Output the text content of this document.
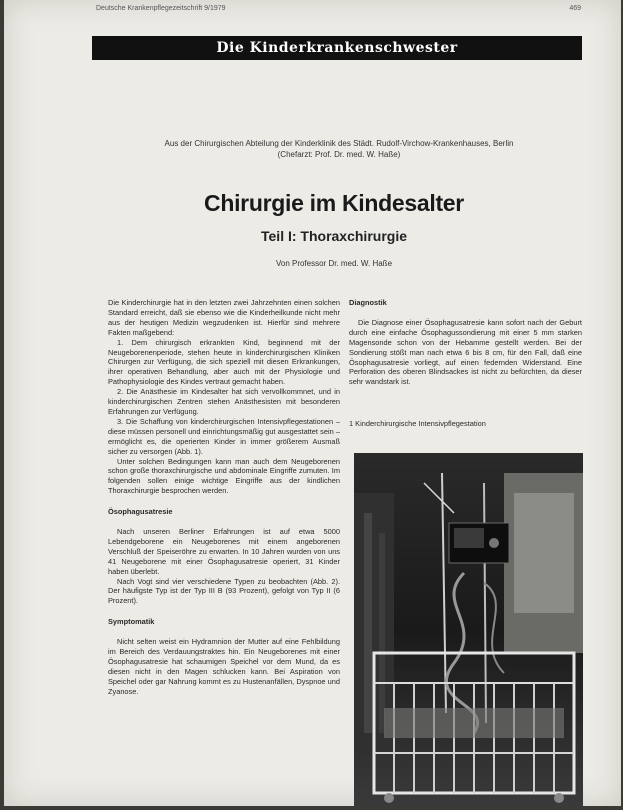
Deutsche Krankenpflegezeitschrift 9/1979	469
Die Kinderkrankenschwester
Aus der Chirurgischen Abteilung der Kinderklinik des Städt. Rudolf-Virchow-Krankenhauses, Berlin
(Chefarzt: Prof. Dr. med. W. Haße)
Chirurgie im Kindesalter
Teil I: Thoraxchirurgie
Von Professor Dr. med. W. Haße

Die Kinderchirurgie hat in den letzten zwei Jahrzehnten einen solchen Standard erreicht, daß sie ebenso wie die Kinderheilkunde nicht mehr aus der heutigen Medizin wegzudenken ist. Hierfür sind mehrere Fakten maßgebend:

1. Dem chirurgisch erkrankten Kind, beginnend mit der Neugeborenenperiode, stehen heute in kinderchirurgischen Kliniken Chirurgen zur Verfügung, die sich speziell mit diesen Erkrankungen, ihrer operativen Behandlung, aber auch mit der Physiologie und Pathophysiologie des Kindes vertraut gemacht haben.

2. Die Anästhesie im Kindesalter hat sich vervollkommnet, und in kinderchirurgischen Zentren stehen Anästhesisten mit besonderen Erfahrungen zur Verfügung.

3. Die Schaffung von kinderchirurgischen Intensivpflegestationen – diese müssen personell und einrichtungsmäßig gut ausgestattet sein – ermöglicht es, die operierten Kinder in immer größerem Ausmaß sicher zu versorgen (Abb. 1).

Unter solchen Bedingungen kann man auch dem Neugeborenen schon große thoraxchirurgische und abdominale Eingriffe zumuten. Im folgenden sollen einige wichtige Eingriffe aus der kindlichen Thoraxchirurgie besprochen werden.

Ösophagusatresie

Nach unseren Berliner Erfahrungen ist auf etwa 5000 Lebendgeborene ein Neugeborenes mit einem angeborenen Verschluß der Speiseröhre zu erwarten. In 10 Jahren wurden von uns 41 Neugeborene mit einer Ösophagusatresie operiert, 31 Kinder haben überlebt.

Nach Vogt sind vier verschiedene Typen zu beobachten (Abb. 2). Der häufigste Typ ist der Typ III B (93 Prozent), gefolgt von Typ II (6 Prozent).

Symptomatik

Nicht selten weist ein Hydramnion der Mutter auf eine Fehlbildung im Bereich des Verdauungstraktes hin. Ein Neugeborenes mit einer Ösophagusatresie hat schaumigen Speichel vor dem Mund, da es diesen nicht in den Magen schlucken kann. Bei Aspiration von Speichel oder gar Nahrung kommt es zu Hustenanfällen, Dyspnoe und Zyanose.

Diagnostik

Die Diagnose einer Ösophagusatresie kann sofort nach der Geburt durch eine einfache Ösophagussondierung mit einer 5 mm starken Magensonde schon von der Hebamme gestellt werden. Bei der Sondierung stößt man nach etwa 6 bis 8 cm, für den Fall, daß eine Ösophagusatresie vorliegt, auf einen federnden Widerstand. Eine Perforation des oberen Blindsackes ist nicht zu befürchten, da dieser sehr wandstark ist.

1 Kinderchirurgische Intensivpflegestation
